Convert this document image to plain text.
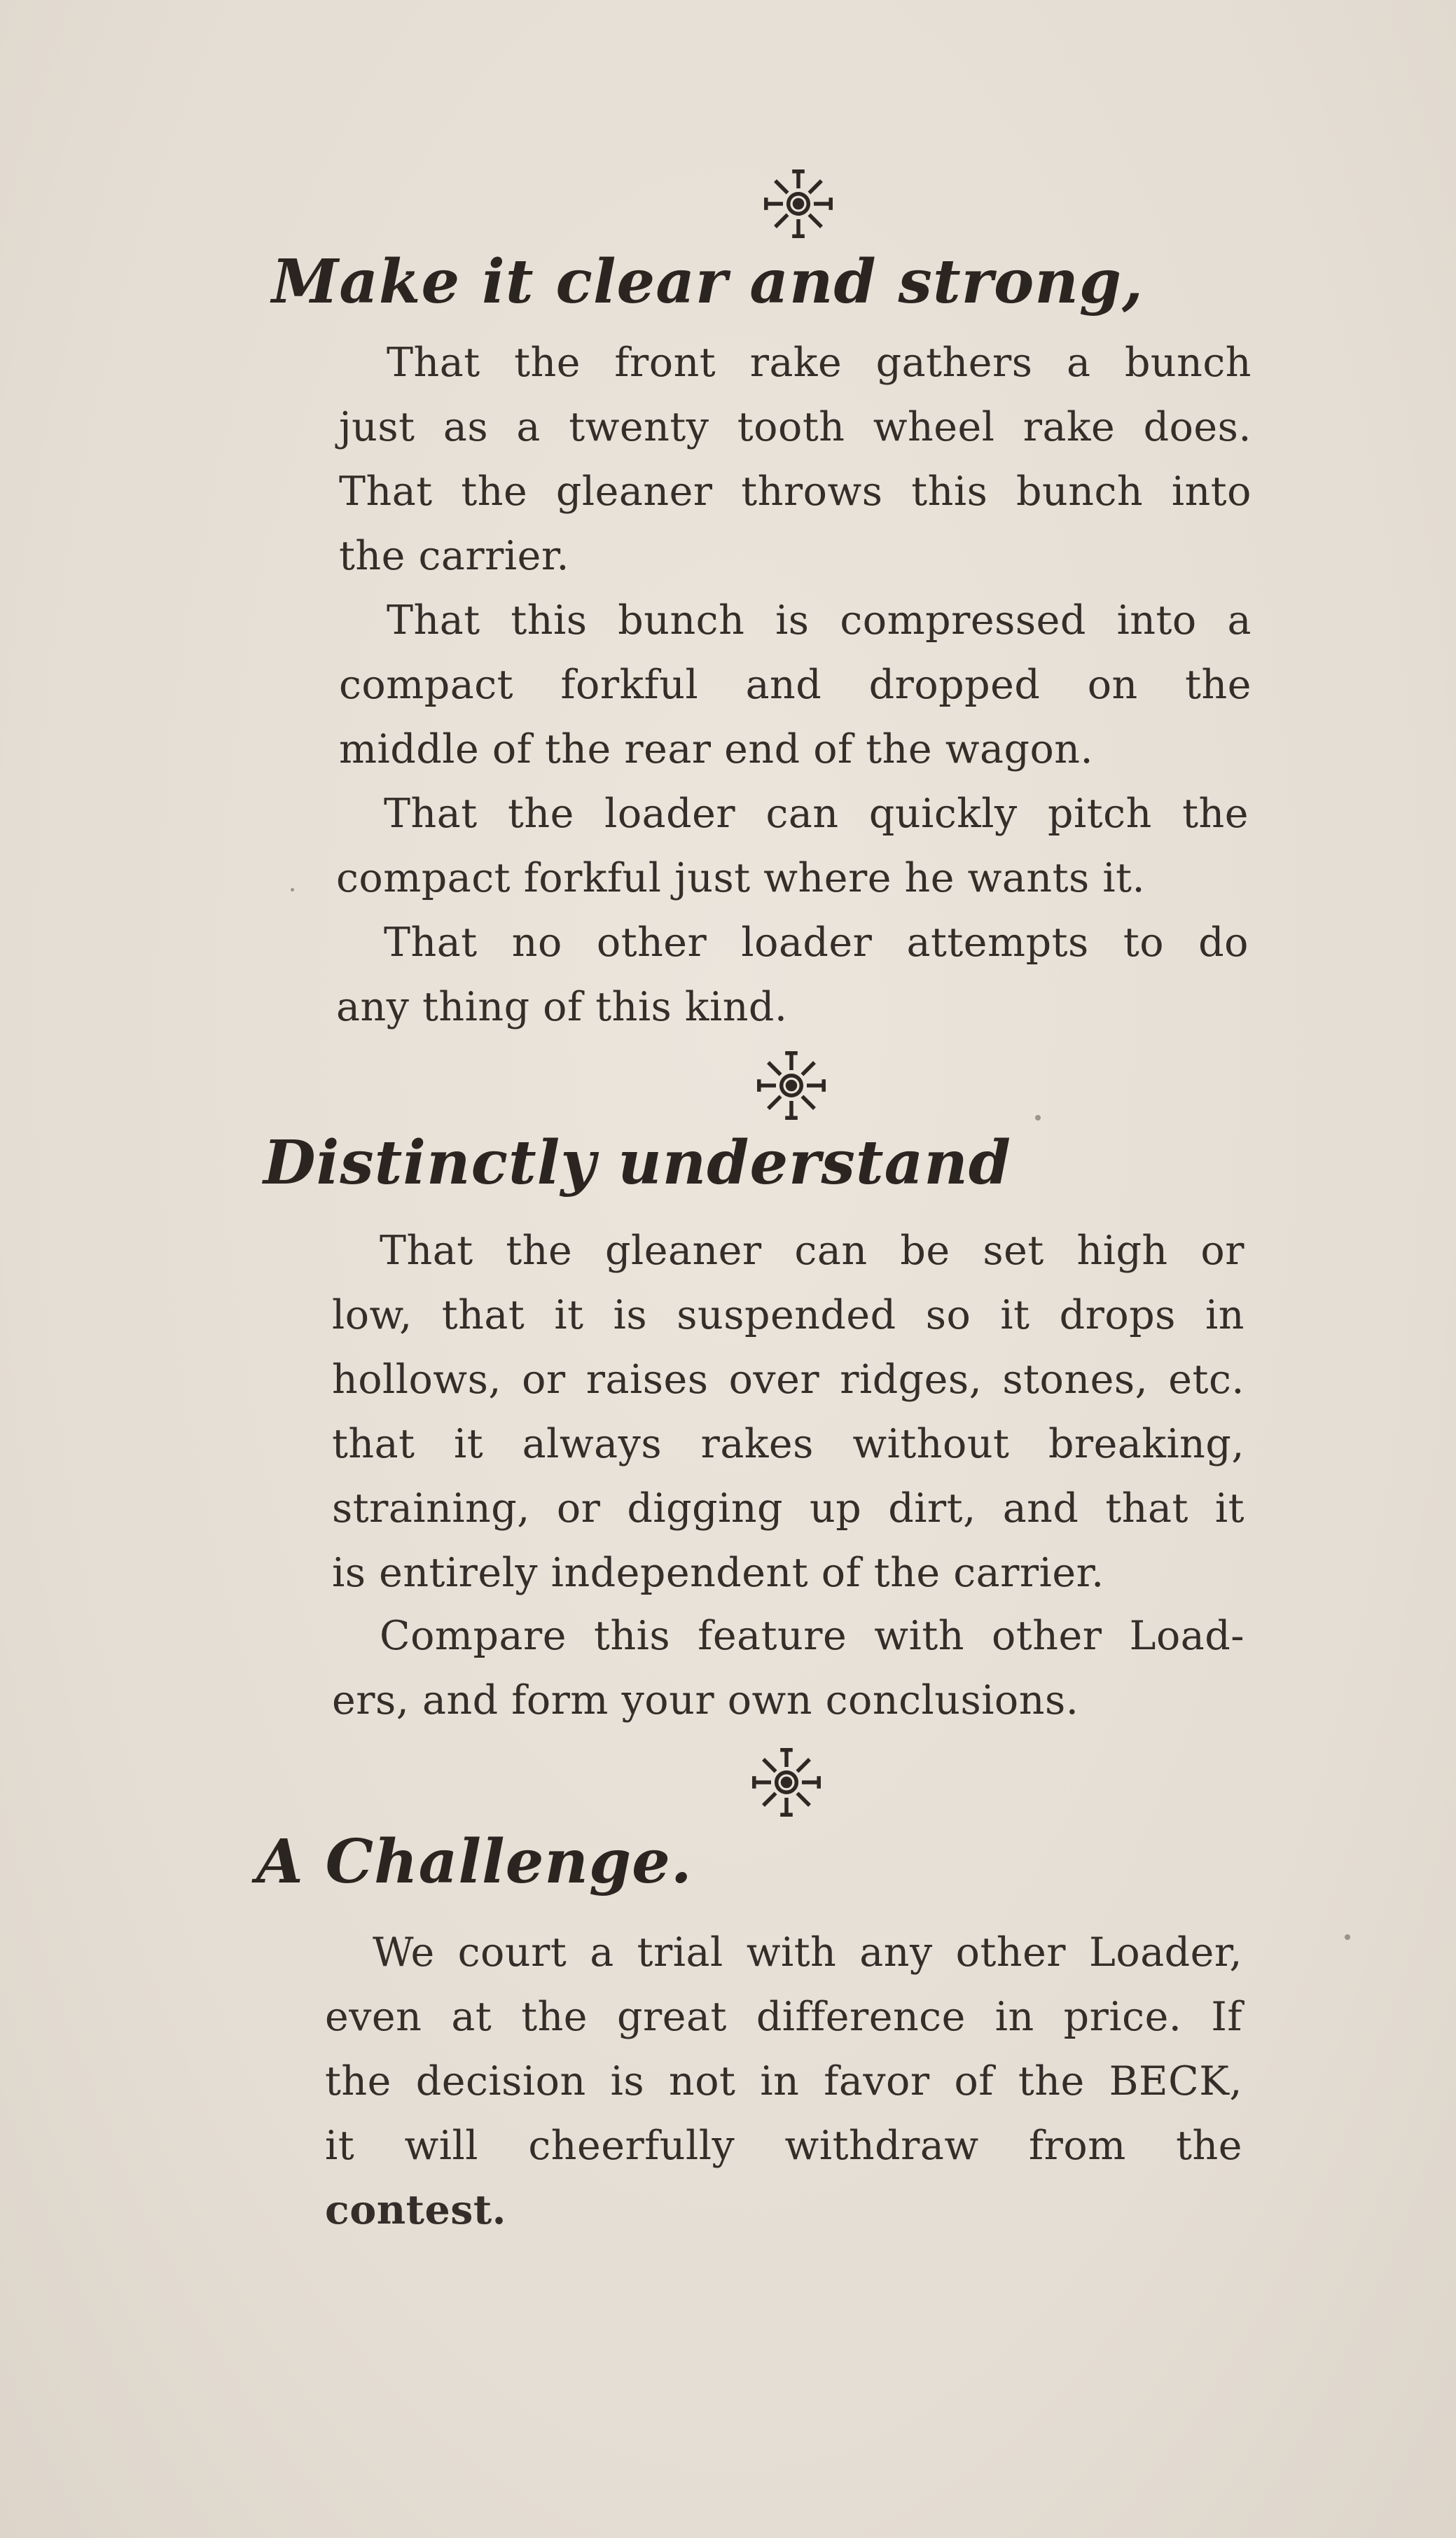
Make it clear and strong,
That the front rake gathers a bunch
just as a twenty tooth wheel rake does.
That the gleaner throws this bunch into
the carrier.
That this bunch is compressed into a
compact forkful and dropped on the
middle of the rear end of the wagon.
That the loader can quickly pitch the
compact forkful just where he wants it.
That no other loader attempts to do
any thing of this kind.
Distinctly understand
That the gleaner can be set high or
low, that it is suspended so it drops in
hollows, or raises over ridges, stones, etc.
that it always rakes without breaking,
straining, or digging up dirt, and that it
is entirely independent of the carrier.
Compare this feature with other Load-
ers, and form your own conclusions.
A Challenge.
We court a trial with any other Loader,
even at the great difference in price. If
the decision is not in favor of the BECK,
it will cheerfully withdraw from the
contest.
